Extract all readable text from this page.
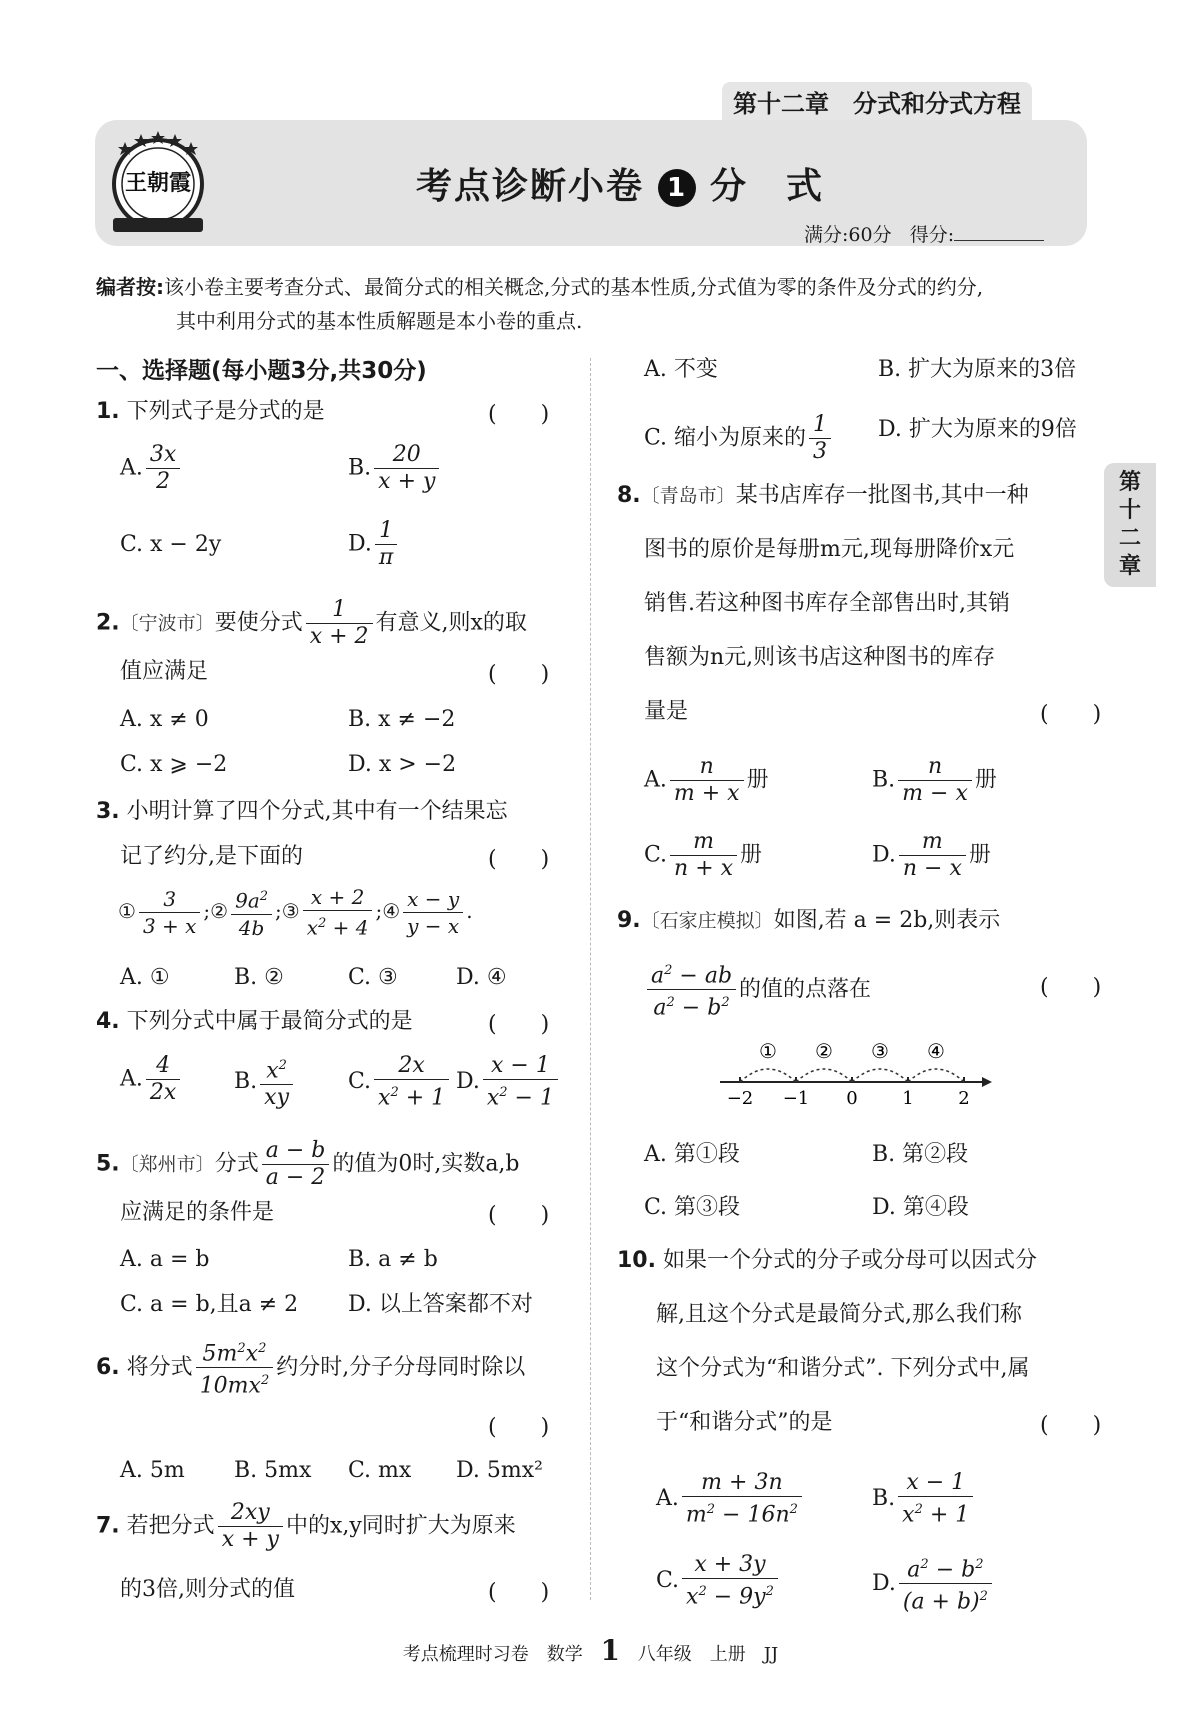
第十二章　分式和分式方程
王朝霞	考点诊断小卷 1 分　式
满分:60分 得分:
编者按:该小卷主要考查分式、最简分式的相关概念,分式的基本性质,分式值为零的条件及分式的约分,
其中利用分式的基本性质解题是本小卷的重点.
第十二章
一、选择题(每小题3分,共30分)
1. 下列式子是分式的是	(　　)
A. $\frac{3x}{2}$	B. $\frac{20}{x + y}$
C. x − 2y	D. $\frac{1}{\pi}$
2.〔宁波市〕要使分式 $\frac{1}{x + 2}$ 有意义,则x的取
值应满足	(　　)
A. x ≠ 0	B. x ≠ −2
C. x ⩾ −2	D. x > −2
3. 小明计算了四个分式,其中有一个结果忘
记了约分,是下面的	(　　)
① $\frac{3}{3 + x}$ ;② $\frac{9a^2}{4b}$ ;③ $\frac{x + 2}{x^2 + 4}$ ;④ $\frac{x - y}{y - x}$ .
A. ①	B. ②	C. ③	D. ④
4. 下列分式中属于最简分式的是	(　　)
A. $\frac{4}{2x} B$. $\frac{x^2}{xy} C$. $\frac{2x}{x^2 + 1} D$. $\frac{x - 1}{x^2 - 1}$
5.〔郑州市〕分式 $\frac{a - b}{a - 2}$ 的值为0时,实数a,b
应满足的条件是	(　　)
A. a = b	B. a ≠ b
C. a = b,且a ≠ 2 D. 以上答案都不对
6. 将分式 $\frac{5m^2x^2}{10mx^2}$ 约分时,分子分母同时除以
(　　)
A. 5m B. 5mx C. mx D. 5mx²
7. 若把分式 $\frac{2xy}{x + y}$ 中的x,y同时扩大为原来
的3倍,则分式的值	(　　)
A. 不变	B. 扩大为原来的3倍
C. 缩小为原来的 $\frac{1}{3} D$. 扩大为原来的9倍
8.〔青岛市〕某书店库存一批图书,其中一种
图书的原价是每册m元,现每册降价x元
销售.若这种图书库存全部售出时,其销
售额为n元,则该书店这种图书的库存
量是	(　　)
A. $\frac{n}{m + x}$ 册	B. $\frac{n}{m - x}$ 册
C. $\frac{m}{n + x}$ 册	D. $\frac{m}{n - x}$ 册
9.〔石家庄模拟〕如图,若 a = 2b,则表示
$\frac{a^2 - ab}{a^2 - b^2}$ 的值的点落在	(　　)
−2 −1 0 1 2
① ② ③ ④
A. 第①段	B. 第②段
C. 第③段	D. 第④段
10. 如果一个分式的分子或分母可以因式分
解,且这个分式是最简分式,那么我们称
这个分式为“和谐分式”. 下列分式中,属
于“和谐分式”的是	(　　)
A. $\frac{m + 3n}{m^2 - 16n^2}$	B. $\frac{x - 1}{x^2 + 1}$
C. $\frac{x + 3y}{x^2 - 9y^2}$	D. $\frac{a^2 - b^2}{(a + b)^2}$
考点梳理时习卷　数学 1 八年级　上册　JJ
